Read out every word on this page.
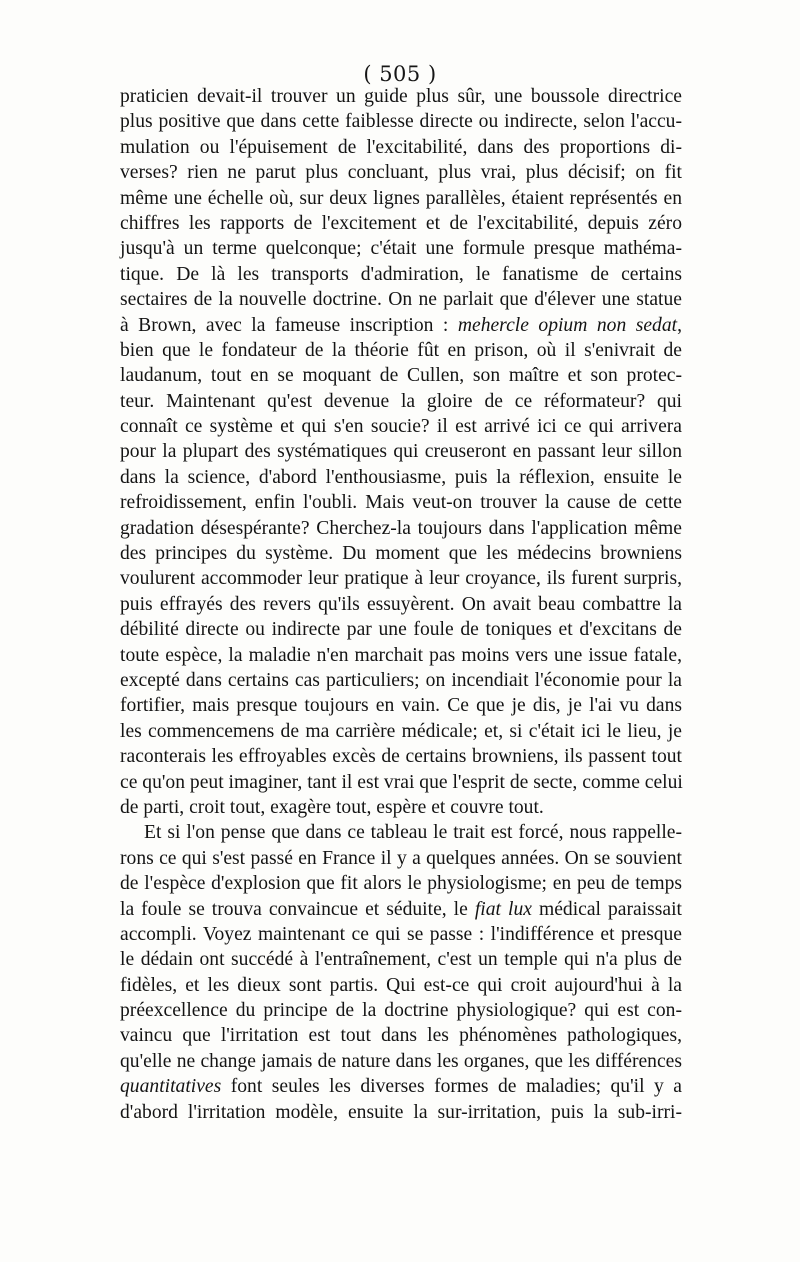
( 505 )
praticien devait-il trouver un guide plus sûr, une boussole directrice
plus positive que dans cette faiblesse directe ou indirecte, selon l'accu-
mulation ou l'épuisement de l'excitabilité, dans des proportions di-
verses? rien ne parut plus concluant, plus vrai, plus décisif; on fit
même une échelle où, sur deux lignes parallèles, étaient représentés en
chiffres les rapports de l'excitement et de l'excitabilité, depuis zéro
jusqu'à un terme quelconque; c'était une formule presque mathéma-
tique. De là les transports d'admiration, le fanatisme de certains
sectaires de la nouvelle doctrine. On ne parlait que d'élever une statue
à Brown, avec la fameuse inscription : mehercle opium non sedat,
bien que le fondateur de la théorie fût en prison, où il s'enivrait de
laudanum, tout en se moquant de Cullen, son maître et son protec-
teur. Maintenant qu'est devenue la gloire de ce réformateur? qui
connaît ce système et qui s'en soucie? il est arrivé ici ce qui arrivera
pour la plupart des systématiques qui creuseront en passant leur sillon
dans la science, d'abord l'enthousiasme, puis la réflexion, ensuite le
refroidissement, enfin l'oubli. Mais veut-on trouver la cause de cette
gradation désespérante? Cherchez-la toujours dans l'application même
des principes du système. Du moment que les médecins browniens
voulurent accommoder leur pratique à leur croyance, ils furent surpris,
puis effrayés des revers qu'ils essuyèrent. On avait beau combattre la
débilité directe ou indirecte par une foule de toniques et d'excitans de
toute espèce, la maladie n'en marchait pas moins vers une issue fatale,
excepté dans certains cas particuliers; on incendiait l'économie pour la
fortifier, mais presque toujours en vain. Ce que je dis, je l'ai vu dans
les commencemens de ma carrière médicale; et, si c'était ici le lieu, je
raconterais les effroyables excès de certains browniens, ils passent tout
ce qu'on peut imaginer, tant il est vrai que l'esprit de secte, comme celui
de parti, croit tout, exagère tout, espère et couvre tout.
Et si l'on pense que dans ce tableau le trait est forcé, nous rappelle-
rons ce qui s'est passé en France il y a quelques années. On se souvient
de l'espèce d'explosion que fit alors le physiologisme; en peu de temps
la foule se trouva convaincue et séduite, le fiat lux médical paraissait
accompli. Voyez maintenant ce qui se passe : l'indifférence et presque
le dédain ont succédé à l'entraînement, c'est un temple qui n'a plus de
fidèles, et les dieux sont partis. Qui est-ce qui croit aujourd'hui à la
préexcellence du principe de la doctrine physiologique? qui est con-
vaincu que l'irritation est tout dans les phénomènes pathologiques,
qu'elle ne change jamais de nature dans les organes, que les différences
quantitatives font seules les diverses formes de maladies; qu'il y a
d'abord l'irritation modèle, ensuite la sur-irritation, puis la sub-irri-
